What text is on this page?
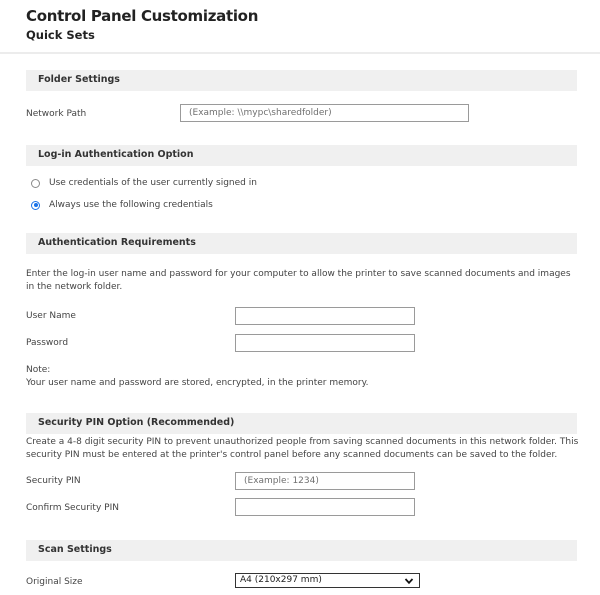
Control Panel Customization
Quick Sets
Folder Settings
Network Path
(Example: \\mypc\sharedfolder)
Log-in Authentication Option
Use credentials of the user currently signed in
Always use the following credentials
Authentication Requirements
Enter the log-in user name and password for your computer to allow the printer to save scanned documents and images in the network folder.
User Name
Password
Note:
Your user name and password are stored, encrypted, in the printer memory.
Security PIN Option (Recommended)
Create a 4-8 digit security PIN to prevent unauthorized people from saving scanned documents in this network folder. This security PIN must be entered at the printer's control panel before any scanned documents can be saved to the folder.
Security PIN
(Example: 1234)
Confirm Security PIN
Scan Settings
Original Size	A4 (210x297 mm)
